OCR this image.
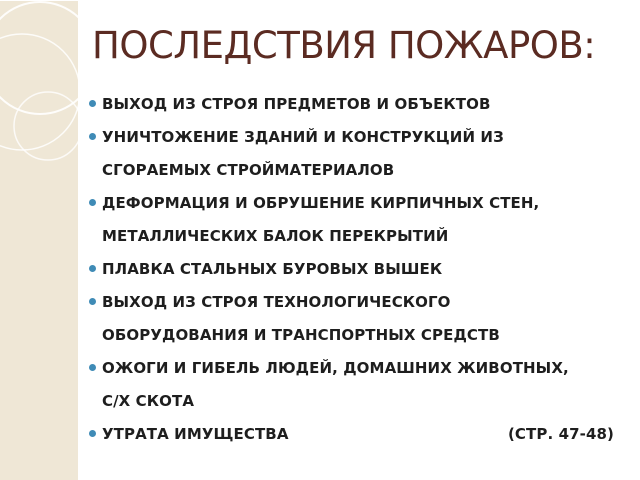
ПОСЛЕДСТВИЯ ПОЖАРОВ:
ВЫХОД ИЗ СТРОЯ ПРЕДМЕТОВ И ОБЪЕКТОВ
УНИЧТОЖЕНИЕ ЗДАНИЙ И КОНСТРУКЦИЙ ИЗ
СГОРАЕМЫХ СТРОЙМАТЕРИАЛОВ
ДЕФОРМАЦИЯ И ОБРУШЕНИЕ КИРПИЧНЫХ СТЕН,
МЕТАЛЛИЧЕСКИХ БАЛОК ПЕРЕКРЫТИЙ
ПЛАВКА СТАЛЬНЫХ БУРОВЫХ ВЫШЕК
ВЫХОД ИЗ СТРОЯ ТЕХНОЛОГИЧЕСКОГО
ОБОРУДОВАНИЯ И ТРАНСПОРТНЫХ СРЕДСТВ
ОЖОГИ И ГИБЕЛЬ ЛЮДЕЙ, ДОМАШНИХ ЖИВОТНЫХ,
С/Х СКОТА
УТРАТА ИМУЩЕСТВА	(СТР. 47-48)
